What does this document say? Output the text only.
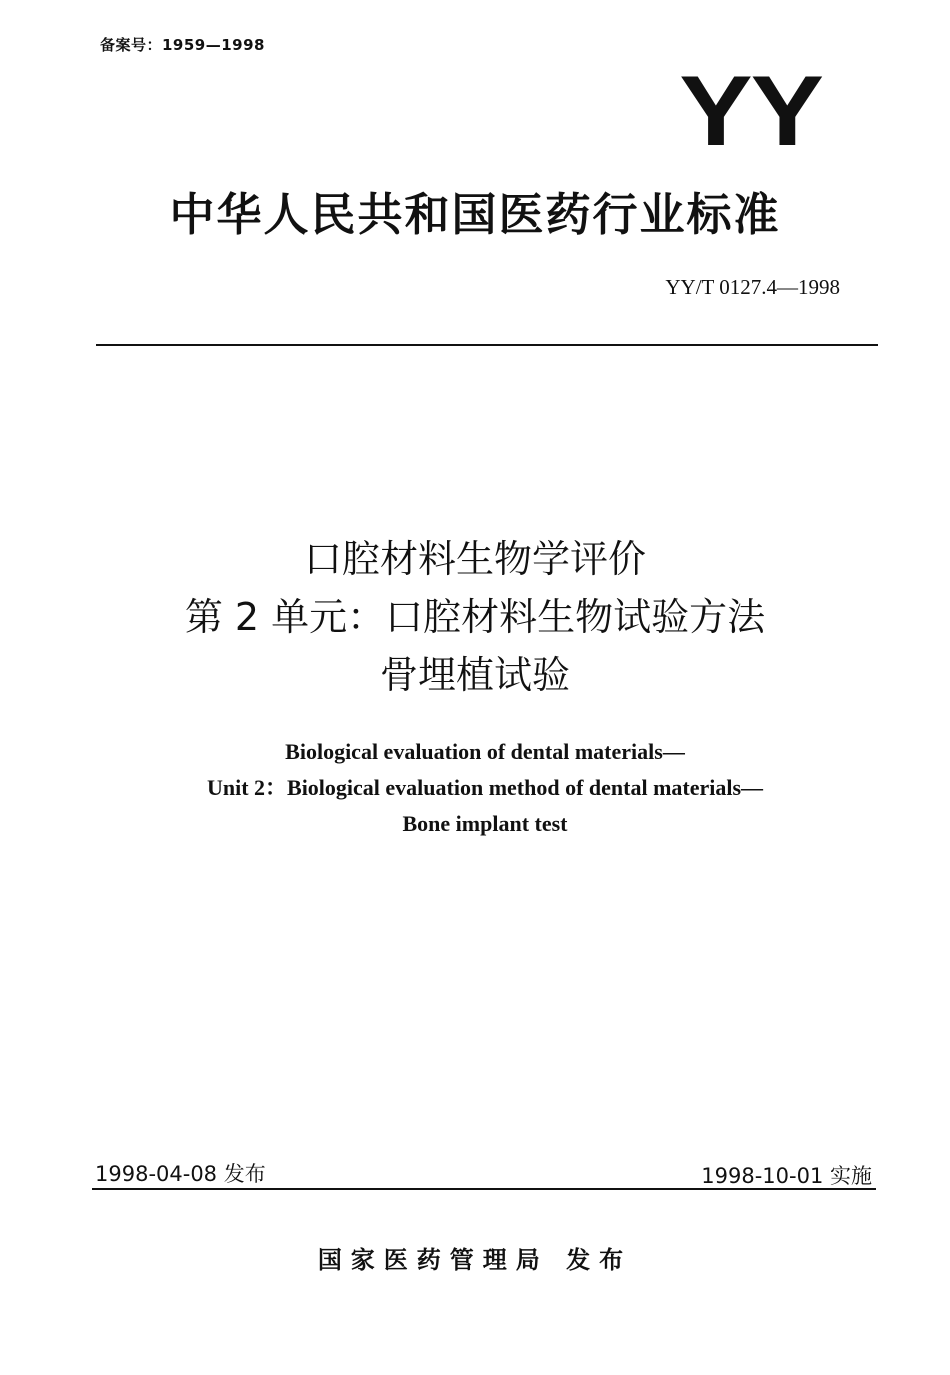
备案号：1959—1998
YY
中华人民共和国医药行业标准
YY/T 0127.4—1998
口腔材料生物学评价
第 2 单元：口腔材料生物试验方法
骨埋植试验
Biological evaluation of dental materials—
Unit 2：Biological evaluation method of dental materials—
Bone implant test
1998-04-08 发布	1998-10-01 实施
国家医药管理局 发布
